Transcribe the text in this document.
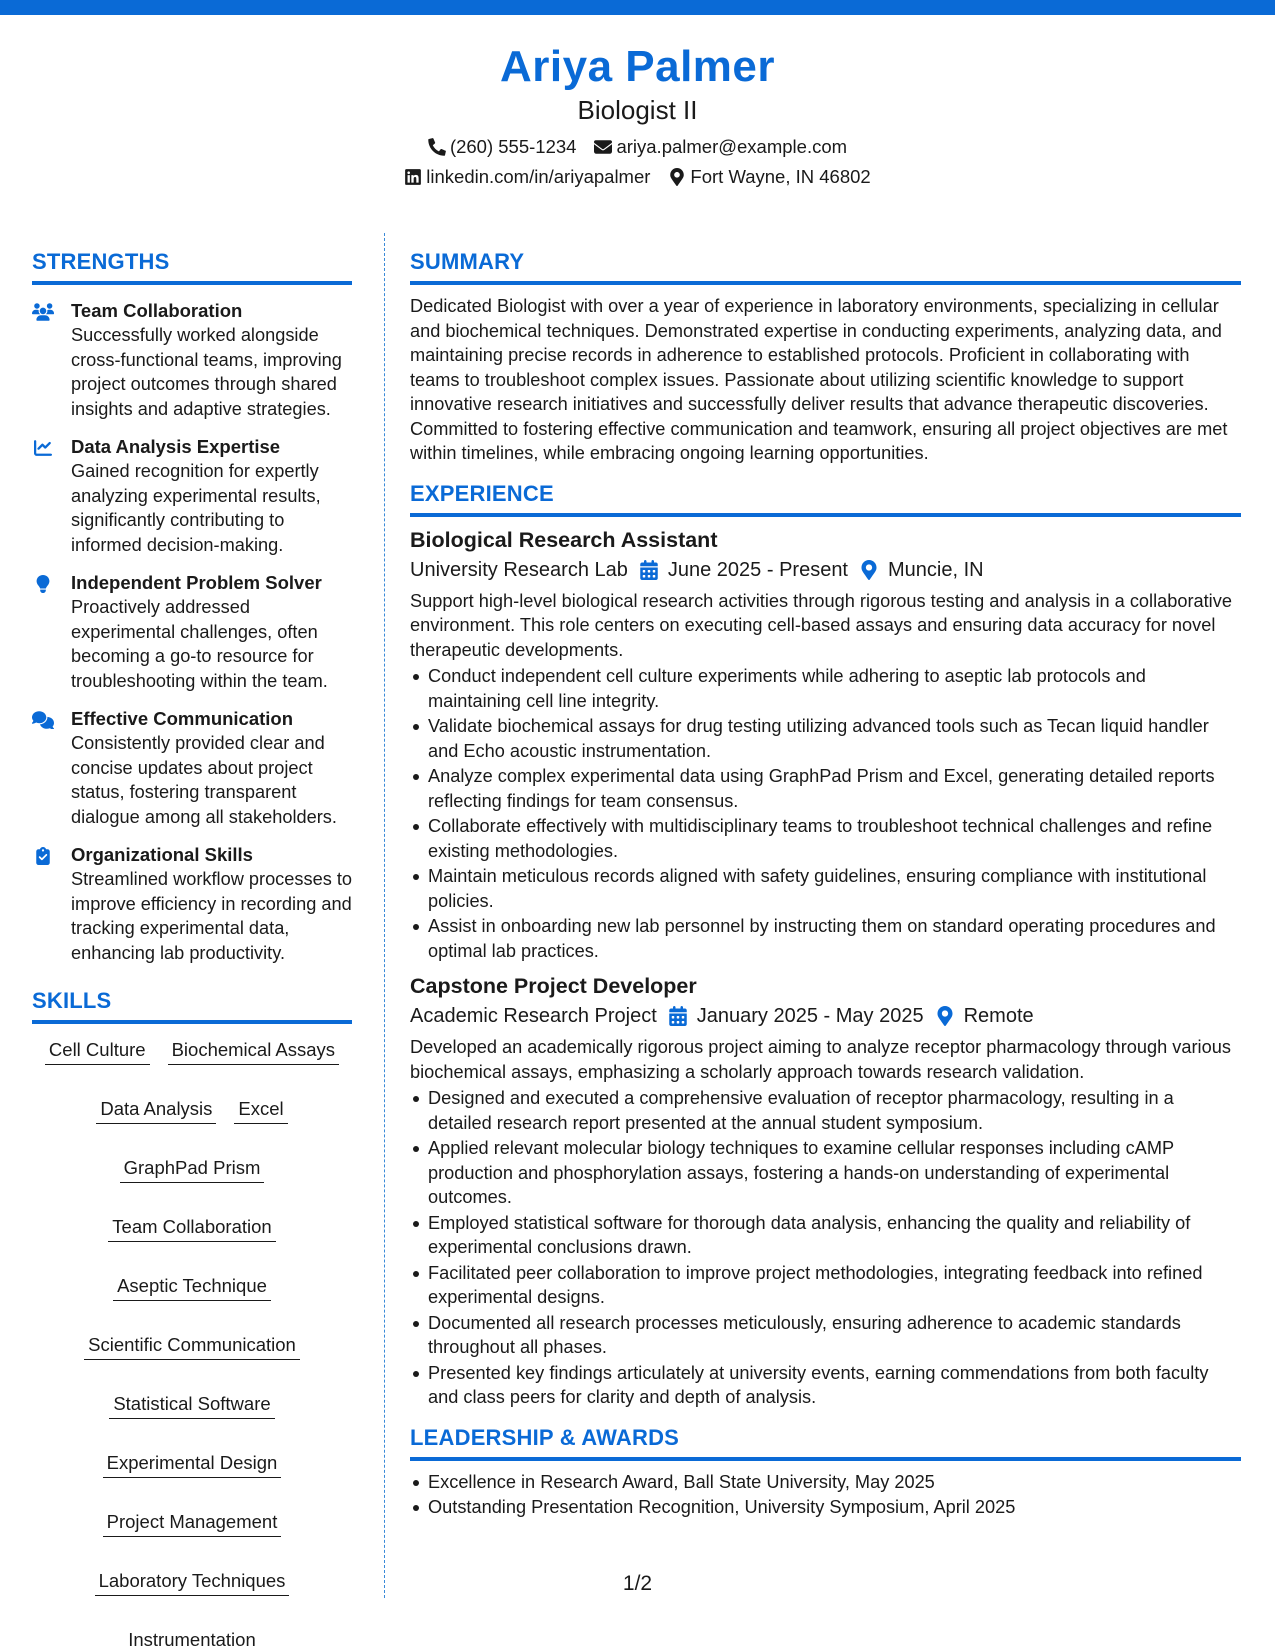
Ariya Palmer
Biologist II
(260) 555-1234 ariya.palmer@example.com
linkedin.com/in/ariyapalmer Fort Wayne, IN 46802
STRENGTHS
Team Collaboration
Successfully worked alongside cross-functional teams, improving project outcomes through shared insights and adaptive strategies.
Data Analysis Expertise
Gained recognition for expertly analyzing experimental results, significantly contributing to informed decision-making.
Independent Problem Solver
Proactively addressed experimental challenges, often becoming a go-to resource for troubleshooting within the team.
Effective Communication
Consistently provided clear and concise updates about project status, fostering transparent dialogue among all stakeholders.
Organizational Skills
Streamlined workflow processes to improve efficiency in recording and tracking experimental data, enhancing lab productivity.
SKILLS
Cell Culture Biochemical Assays
Data Analysis Excel
GraphPad Prism
Team Collaboration
Aseptic Technique
Scientific Communication
Statistical Software
Experimental Design
Project Management
Laboratory Techniques
Instrumentation
SUMMARY
Dedicated Biologist with over a year of experience in laboratory environments, specializing in cellular and biochemical techniques. Demonstrated expertise in conducting experiments, analyzing data, and maintaining precise records in adherence to established protocols. Proficient in collaborating with teams to troubleshoot complex issues. Passionate about utilizing scientific knowledge to support innovative research initiatives and successfully deliver results that advance therapeutic discoveries. Committed to fostering effective communication and teamwork, ensuring all project objectives are met within timelines, while embracing ongoing learning opportunities.
EXPERIENCE
Biological Research Assistant
University Research Lab June 2025 - Present Muncie, IN
Support high-level biological research activities through rigorous testing and analysis in a collaborative environment. This role centers on executing cell-based assays and ensuring data accuracy for novel therapeutic developments.
Conduct independent cell culture experiments while adhering to aseptic lab protocols and maintaining cell line integrity.
Validate biochemical assays for drug testing utilizing advanced tools such as Tecan liquid handler and Echo acoustic instrumentation.
Analyze complex experimental data using GraphPad Prism and Excel, generating detailed reports reflecting findings for team consensus.
Collaborate effectively with multidisciplinary teams to troubleshoot technical challenges and refine existing methodologies.
Maintain meticulous records aligned with safety guidelines, ensuring compliance with institutional policies.
Assist in onboarding new lab personnel by instructing them on standard operating procedures and optimal lab practices.
Capstone Project Developer
Academic Research Project January 2025 - May 2025 Remote
Developed an academically rigorous project aiming to analyze receptor pharmacology through various biochemical assays, emphasizing a scholarly approach towards research validation.
Designed and executed a comprehensive evaluation of receptor pharmacology, resulting in a detailed research report presented at the annual student symposium.
Applied relevant molecular biology techniques to examine cellular responses including cAMP production and phosphorylation assays, fostering a hands-on understanding of experimental outcomes.
Employed statistical software for thorough data analysis, enhancing the quality and reliability of experimental conclusions drawn.
Facilitated peer collaboration to improve project methodologies, integrating feedback into refined experimental designs.
Documented all research processes meticulously, ensuring adherence to academic standards throughout all phases.
Presented key findings articulately at university events, earning commendations from both faculty and class peers for clarity and depth of analysis.
LEADERSHIP & AWARDS
Excellence in Research Award, Ball State University, May 2025
Outstanding Presentation Recognition, University Symposium, April 2025
1/2
